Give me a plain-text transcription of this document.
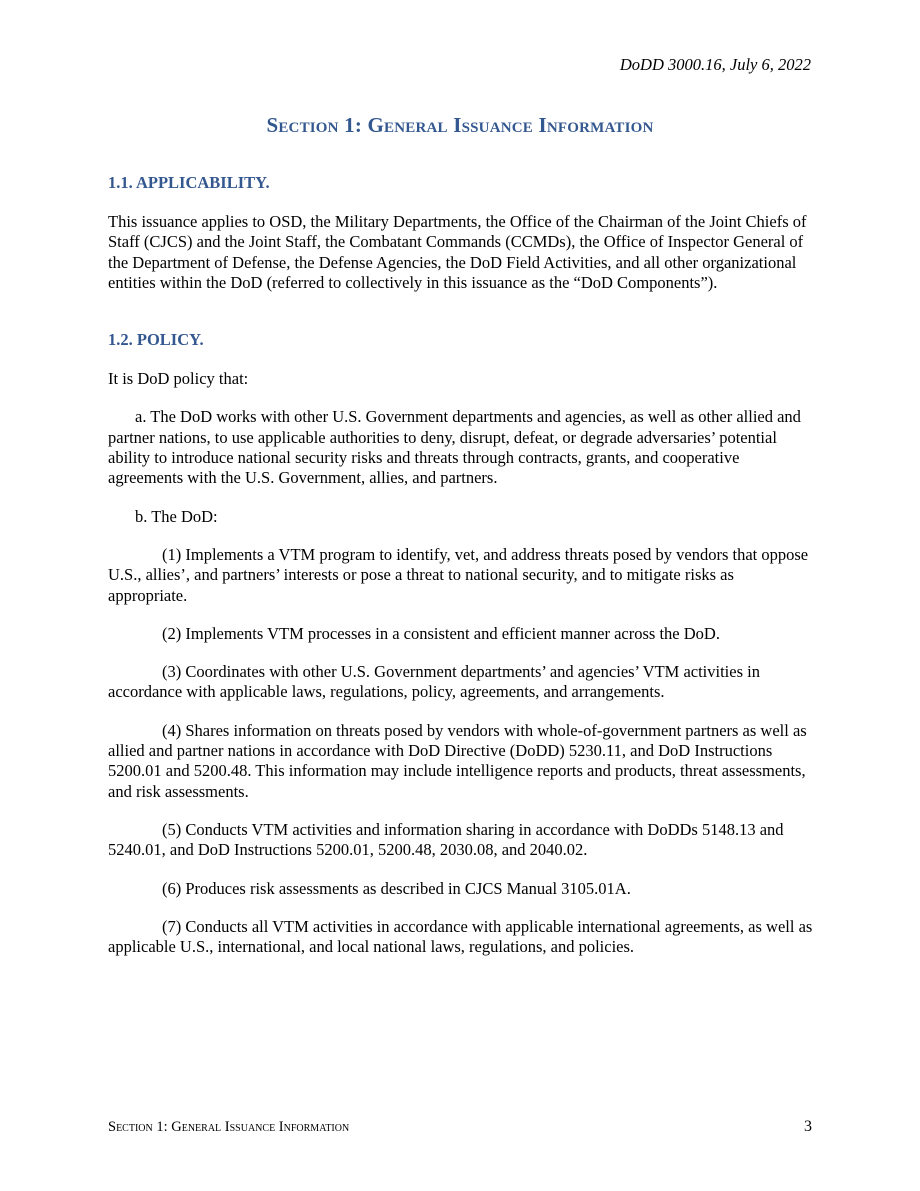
DoDD 3000.16, July 6, 2022
Section 1: General Issuance Information
1.1. APPLICABILITY.

This issuance applies to OSD, the Military Departments, the Office of the Chairman of the Joint Chiefs of Staff (CJCS) and the Joint Staff, the Combatant Commands (CCMDs), the Office of Inspector General of the Department of Defense, the Defense Agencies, the DoD Field Activities, and all other organizational entities within the DoD (referred to collectively in this issuance as the “DoD Components”).

1.2. POLICY.

It is DoD policy that:

a. The DoD works with other U.S. Government departments and agencies, as well as other allied and partner nations, to use applicable authorities to deny, disrupt, defeat, or degrade adversaries’ potential ability to introduce national security risks and threats through contracts, grants, and cooperative agreements with the U.S. Government, allies, and partners.

b. The DoD:

(1) Implements a VTM program to identify, vet, and address threats posed by vendors that oppose U.S., allies’, and partners’ interests or pose a threat to national security, and to mitigate risks as appropriate.

(2) Implements VTM processes in a consistent and efficient manner across the DoD.

(3) Coordinates with other U.S. Government departments’ and agencies’ VTM activities in accordance with applicable laws, regulations, policy, agreements, and arrangements.

(4) Shares information on threats posed by vendors with whole-of-government partners as well as allied and partner nations in accordance with DoD Directive (DoDD) 5230.11, and DoD Instructions 5200.01 and 5200.48. This information may include intelligence reports and products, threat assessments, and risk assessments.

(5) Conducts VTM activities and information sharing in accordance with DoDDs 5148.13 and 5240.01, and DoD Instructions 5200.01, 5200.48, 2030.08, and 2040.02.

(6) Produces risk assessments as described in CJCS Manual 3105.01A.

(7) Conducts all VTM activities in accordance with applicable international agreements, as well as applicable U.S., international, and local national laws, regulations, and policies.

Section 1: General Issuance Information	3
